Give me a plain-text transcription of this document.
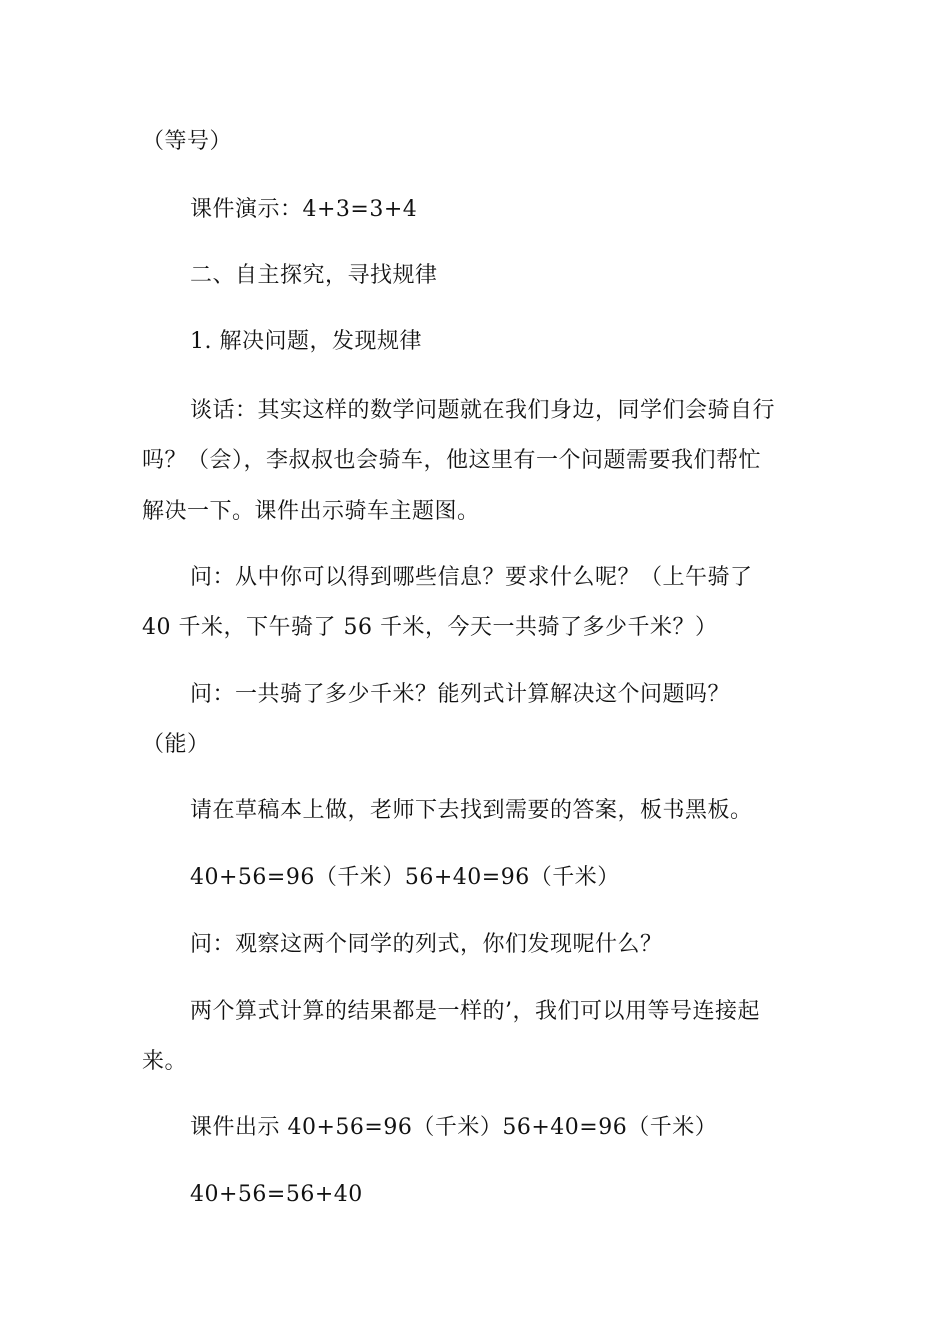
（等号）
课件演示：4+3=3+4
二、自主探究，寻找规律
1. 解决问题，发现规律
谈话：其实这样的数学问题就在我们身边，同学们会骑自行
吗？（会），李叔叔也会骑车，他这里有一个问题需要我们帮忙
解决一下。课件出示骑车主题图。
问：从中你可以得到哪些信息？要求什么呢？（上午骑了
40 千米，下午骑了 56 千米，今天一共骑了多少千米？）
问：一共骑了多少千米？能列式计算解决这个问题吗？
（能）
请在草稿本上做，老师下去找到需要的答案，板书黑板。
40+56=96（千米）56+40=96（千米）
问：观察这两个同学的列式，你们发现呢什么？
两个算式计算的结果都是一样的’，我们可以用等号连接起
来。
课件出示 40+56=96（千米）56+40=96（千米）
40+56=56+40
